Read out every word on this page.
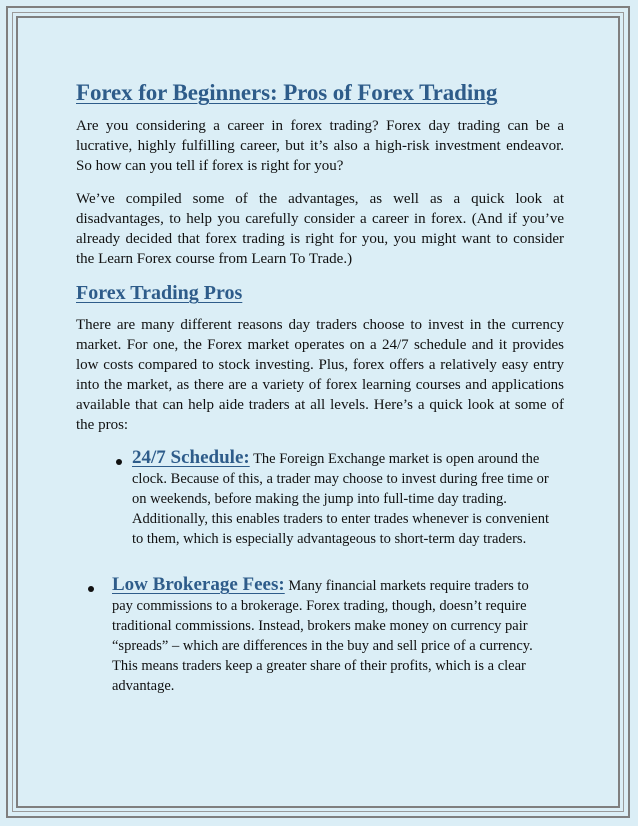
Forex for Beginners: Pros of Forex Trading

Are you considering a career in forex trading? Forex day trading can be a lucrative, highly fulfilling career, but it’s also a high-risk investment endeavor. So how can you tell if forex is right for you?

We’ve compiled some of the advantages, as well as a quick look at disadvantages, to help you carefully consider a career in forex. (And if you’ve already decided that forex trading is right for you, you might want to consider the Learn Forex course from Learn To Trade.)

Forex Trading Pros

There are many different reasons day traders choose to invest in the currency market. For one, the Forex market operates on a 24/7 schedule and it provides low costs compared to stock investing. Plus, forex offers a relatively easy entry into the market, as there are a variety of forex learning courses and applications available that can help aide traders at all levels. Here’s a quick look at some of the pros:

24/7 Schedule: The Foreign Exchange market is open around the clock. Because of this, a trader may choose to invest during free time or on weekends, before making the jump into full-time day trading. Additionally, this enables traders to enter trades whenever is convenient to them, which is especially advantageous to short-term day traders.
Low Brokerage Fees: Many financial markets require traders to pay commissions to a brokerage. Forex trading, though, doesn’t require traditional commissions. Instead, brokers make money on currency pair “spreads” – which are differences in the buy and sell price of a currency. This means traders keep a greater share of their profits, which is a clear advantage.
